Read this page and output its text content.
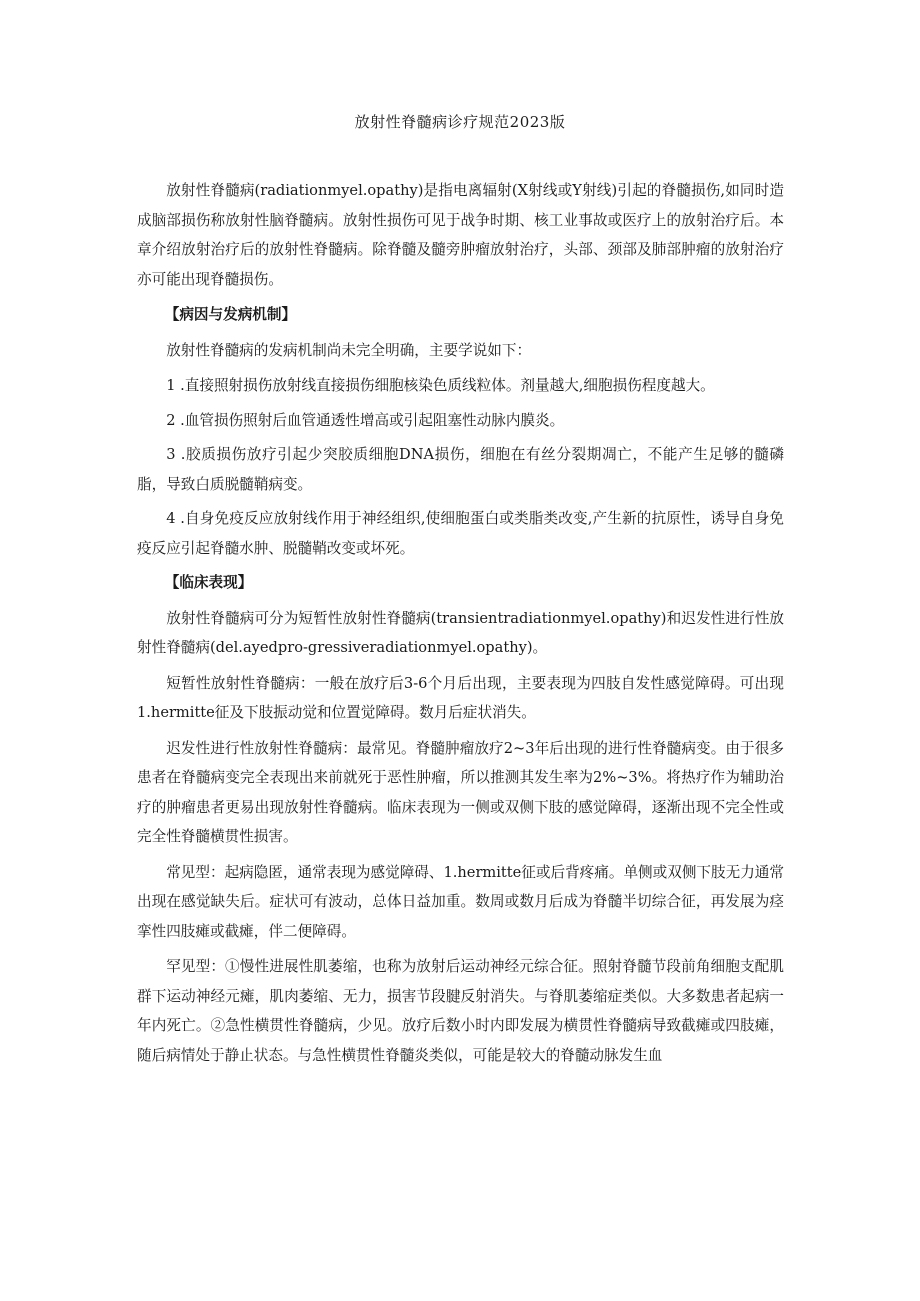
放射性脊髓病诊疗规范2023版

放射性脊髓病(radiationmyel.opathy)是指电离辐射(X射线或Y射线)引起的脊髓损伤,如同时造成脑部损伤称放射性脑脊髓病。放射性损伤可见于战争时期、核工业事故或医疗上的放射治疗后。本章介绍放射治疗后的放射性脊髓病。除脊髓及髓旁肿瘤放射治疗，头部、颈部及肺部肿瘤的放射治疗亦可能出现脊髓损伤。

【病因与发病机制】

放射性脊髓病的发病机制尚未完全明确，主要学说如下：

1 .直接照射损伤放射线直接损伤细胞核染色质线粒体。剂量越大,细胞损伤程度越大。

2 .血管损伤照射后血管通透性增高或引起阻塞性动脉内膜炎。

3 .胶质损伤放疗引起少突胶质细胞DNA损伤，细胞在有丝分裂期凋亡，不能产生足够的髓磷脂，导致白质脱髓鞘病变。

4 .自身免疫反应放射线作用于神经组织,使细胞蛋白或类脂类改变,产生新的抗原性，诱导自身免疫反应引起脊髓水肿、脱髓鞘改变或坏死。

【临床表现】

放射性脊髓病可分为短暂性放射性脊髓病(transientradiationmyel.opathy)和迟发性进行性放射性脊髓病(del.ayedpro-gressiveradiationmyel.opathy)。

短暂性放射性脊髓病：一般在放疗后3-6个月后出现，主要表现为四肢自发性感觉障碍。可出现1.hermitte征及下肢振动觉和位置觉障碍。数月后症状消失。

迟发性进行性放射性脊髓病：最常见。脊髓肿瘤放疗2~3年后出现的进行性脊髓病变。由于很多患者在脊髓病变完全表现出来前就死于恶性肿瘤，所以推测其发生率为2%~3%。将热疗作为辅助治疗的肿瘤患者更易出现放射性脊髓病。临床表现为一侧或双侧下肢的感觉障碍，逐渐出现不完全性或完全性脊髓横贯性损害。

常见型：起病隐匿，通常表现为感觉障碍、1.hermitte征或后背疼痛。单侧或双侧下肢无力通常出现在感觉缺失后。症状可有波动，总体日益加重。数周或数月后成为脊髓半切综合征，再发展为痉挛性四肢瘫或截瘫，伴二便障碍。

罕见型：①慢性进展性肌萎缩，也称为放射后运动神经元综合征。照射脊髓节段前角细胞支配肌群下运动神经元瘫，肌肉萎缩、无力，损害节段腱反射消失。与脊肌萎缩症类似。大多数患者起病一年内死亡。②急性横贯性脊髓病，少见。放疗后数小时内即发展为横贯性脊髓病导致截瘫或四肢瘫，随后病情处于静止状态。与急性横贯性脊髓炎类似，可能是较大的脊髓动脉发生血
